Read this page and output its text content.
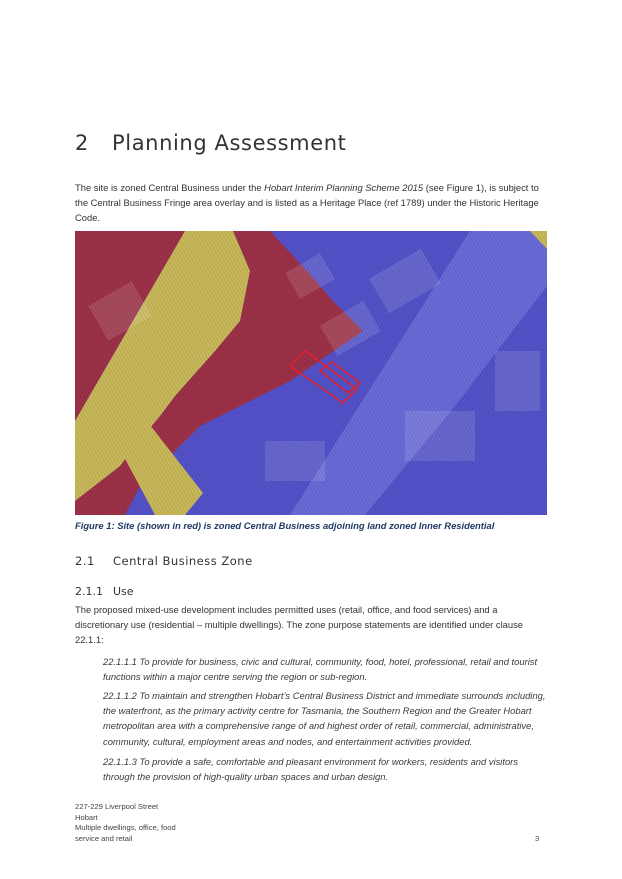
2 Planning Assessment
The site is zoned Central Business under the Hobart Interim Planning Scheme 2015 (see Figure 1), is subject to the Central Business Fringe area overlay and is listed as a Heritage Place (ref 1789) under the Historic Heritage Code.
Figure 1: Site (shown in red) is zoned Central Business adjoining land zoned Inner Residential
2.1 Central Business Zone
2.1.1 Use
The proposed mixed-use development includes permitted uses (retail, office, and food services) and a discretionary use (residential – multiple dwellings). The zone purpose statements are identified under clause 22.1.1:
22.1.1.1 To provide for business, civic and cultural, community, food, hotel, professional, retail and tourist functions within a major centre serving the region or sub-region.
22.1.1.2 To maintain and strengthen Hobart’s Central Business District and immediate surrounds including, the waterfront, as the primary activity centre for Tasmania, the Southern Region and the Greater Hobart metropolitan area with a comprehensive range of and highest order of retail, commercial, administrative, community, cultural, employment areas and nodes, and entertainment activities provided.
22.1.1.3 To provide a safe, comfortable and pleasant environment for workers, residents and visitors through the provision of high-quality urban spaces and urban design.
227-229 Liverpool Street
Hobart
Multiple dwellings, office, food
service and retail	3
